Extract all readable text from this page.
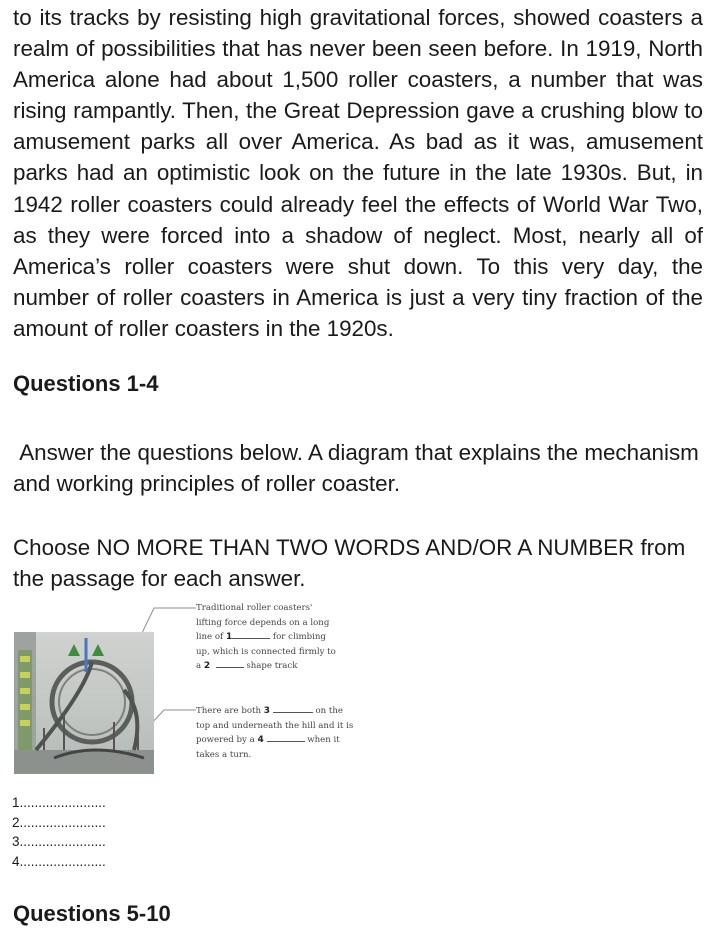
to its tracks by resisting high gravitational forces, showed coasters a realm of possibilities that has never been seen before. In 1919, North America alone had about 1,500 roller coasters, a number that was rising rampantly. Then, the Great Depression gave a crushing blow to amusement parks all over America. As bad as it was, amusement parks had an optimistic look on the future in the late 1930s. But, in 1942 roller coasters could already feel the effects of World War Two, as they were forced into a shadow of neglect. Most, nearly all of America’s roller coasters were shut down. To this very day, the number of roller coasters in America is just a very tiny fraction of the amount of roller coasters in the 1920s.

Questions 1-4

Answer the questions below. A diagram that explains the mechanism and working principles of roller coaster.

Choose NO MORE THAN TWO WORDS AND/OR A NUMBER from the passage for each answer.

Traditional roller coasters'
lifting force depends on a long
line of 1	for climbing
up, which is connected firmly to
a 2	shape track
There are both 3	on the
top and underneath the hill and it is
powered by a 4	when it
takes a turn.
1.......................
2.......................
3.......................
4.......................
Questions 5-10
